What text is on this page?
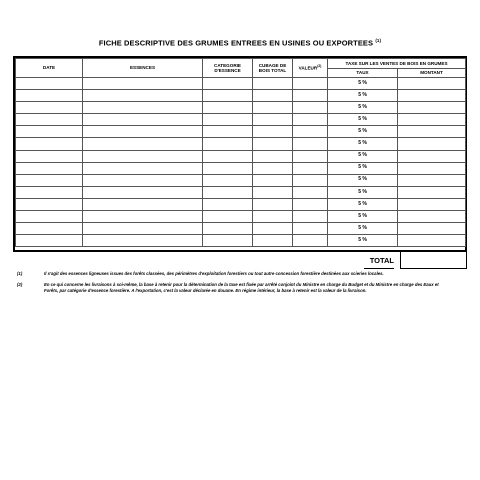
FICHE DESCRIPTIVE DES GRUMES ENTREES EN USINES OU EXPORTEES $^{(1)}$
DATE	ESSENCES	CATEGORIE D'ESSENCE	CUBAGE DE BOIS TOTAL	VALEUR$^{(2)}$	TAXE SUR LES VENTES DE BOIS EN GRUMES	
					TAUX	MONTANT
					5 %	
					5 %	
					5 %	
					5 %	
					5 %	
					5 %	
					5 %	
					5 %	
					5 %	
					5 %	
					5 %	
					5 %	
					5 %	
					5 %	
TOTAL
(1)	Il s'agit des essences ligneuses issues des forêts classées, des périmètres d'exploitation forestiers ou tout autre concession forestière destinées aux scieries locales.
(2)	En ce qui concerne les livraisons à soi-même, la base à retenir pour la détermination de la taxe est fixée par arrêté conjoint du Ministre en charge du Budget et du Ministre en charge des Eaux et Forêts, par catégorie d'essence forestière. A l'exportation, c'est la valeur déclarée en douane. En régime intérieur, la base à retenir est la valeur de la livraison.
